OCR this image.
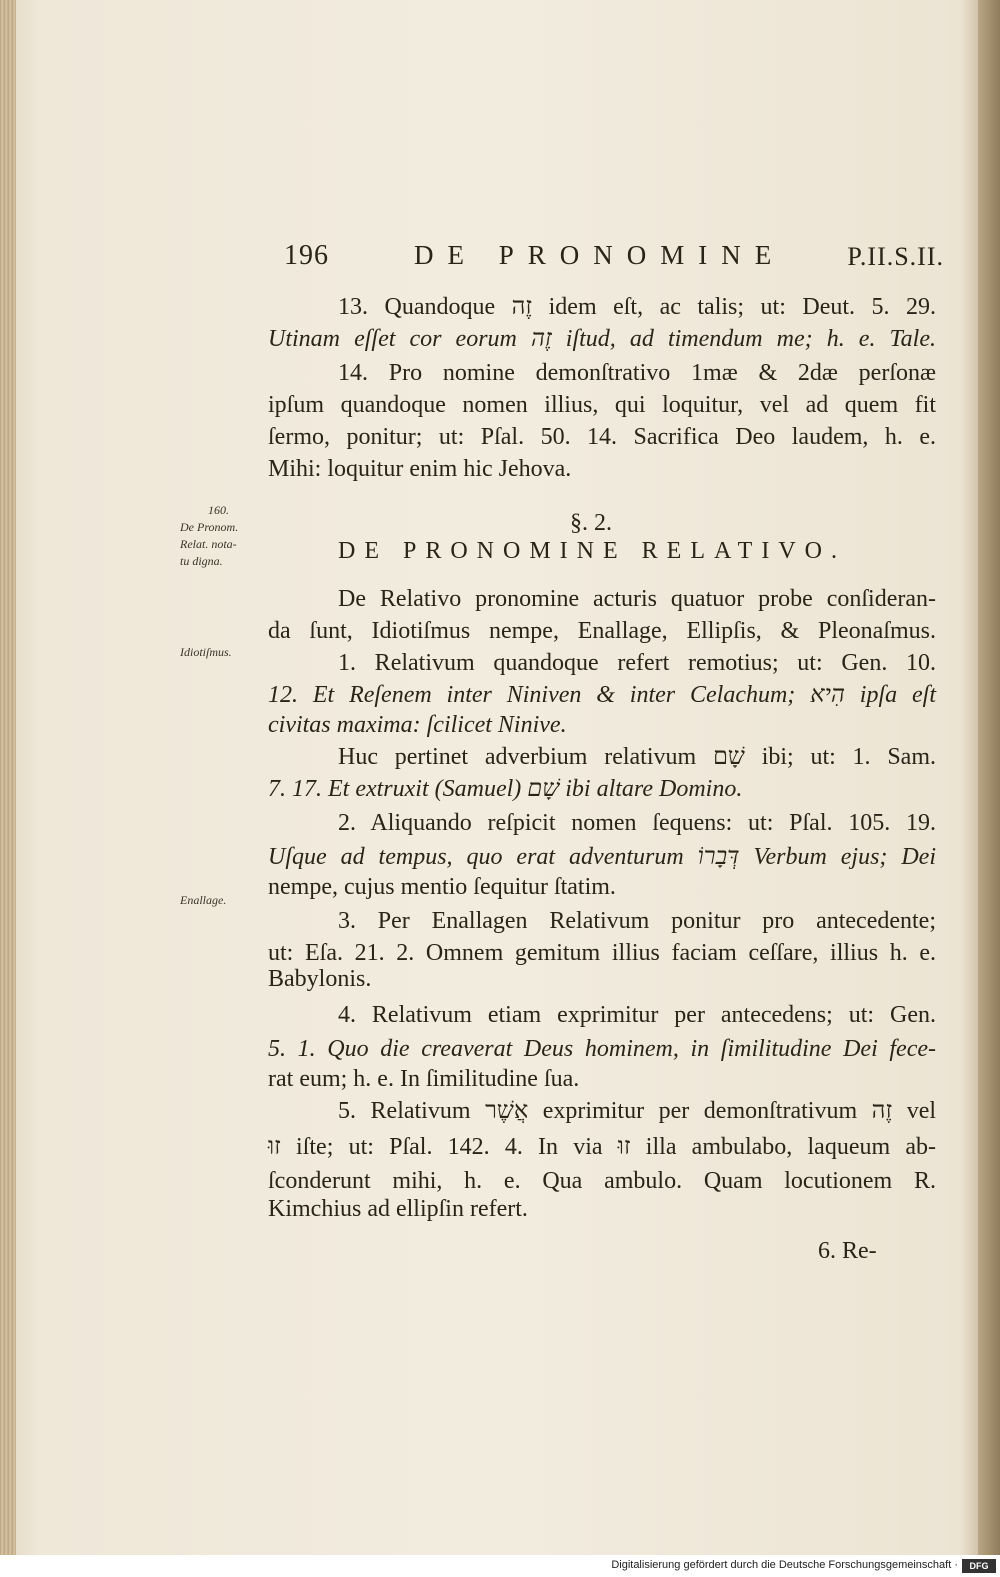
196	DE PRONOMINE P.II.S.II.
13. Quandoque זֶה idem eſt, ac talis; ut: Deut. 5. 29.
Utinam eſſet cor eorum זֶה iſtud, ad timendum me; h. e. Tale.
14. Pro nomine demonſtrativo 1mæ & 2dæ perſonæ
ipſum quandoque nomen illius, qui loquitur, vel ad quem fit
ſermo, ponitur; ut: Pſal. 50. 14. Sacrifica Deo laudem, h. e.
Mihi: loquitur enim hic Jehova.
160.
De Pronom.
Relat. nota-
tu digna.
§. 2.
DE PRONOMINE RELATIVO.
De Relativo pronomine acturis quatuor probe conſideran-
da ſunt, Idiotiſmus nempe, Enallage, Ellipſis, & Pleonaſmus.
Idiotiſmus.	1. Relativum quandoque refert remotius; ut: Gen. 10.
12. Et Reſenem inter Niniven & inter Celachum; הִיא ipſa eſt
civitas maxima: ſcilicet Ninive.
Huc pertinet adverbium relativum שָׁם ibi; ut: 1. Sam.
7. 17. Et extruxit (Samuel) שָׁם ibi altare Domino.
2. Aliquando reſpicit nomen ſequens: ut: Pſal. 105. 19.
Uſque ad tempus, quo erat adventurum דְּבָרוֹ Verbum ejus; Dei
nempe, cujus mentio ſequitur ſtatim.
Enallage.
3. Per Enallagen Relativum ponitur pro antecedente;
ut: Eſa. 21. 2. Omnem gemitum illius faciam ceſſare, illius h. e.
Babylonis.
4. Relativum etiam exprimitur per antecedens; ut: Gen.
5. 1. Quo die creaverat Deus hominem, in ſimilitudine Dei fece-
rat eum; h. e. In ſimilitudine ſua.
5. Relativum אֲשֶׁר exprimitur per demonſtrativum זֶה vel
זוּ iſte; ut: Pſal. 142. 4. In via זוּ illa ambulabo, laqueum ab-
ſconderunt mihi, h. e. Qua ambulo. Quam locutionem R.
Kimchius ad ellipſin refert.
6. Re-
Digitalisierung gefördert durch die Deutsche Forschungsgemeinschaft ·	DFG
